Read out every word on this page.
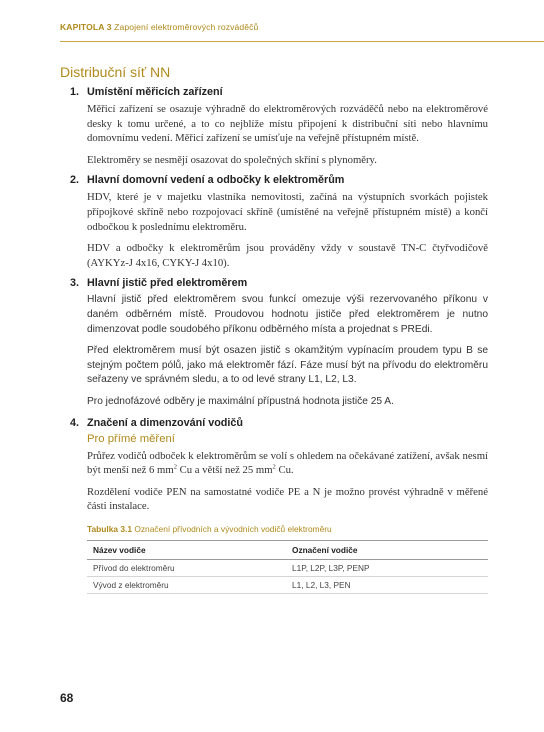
KAPITOLA 3 Zapojení elektroměrových rozváděčů
Distribuční síť NN
1. Umístění měřicích zařízení

Měřicí zařízení se osazuje výhradně do elektroměrových rozváděčů nebo na elektroměrové desky k tomu určené, a to co nejblíže místu připojení k distribuční síti nebo hlavnímu domovnímu vedení. Měřicí zařízení se umísťuje na veřejně přístupném místě.

Elektroměry se nesmějí osazovat do společných skříní s plynoměry.

2. Hlavní domovní vedení a odbočky k elektroměrům

HDV, které je v majetku vlastníka nemovitosti, začíná na výstupních svorkách pojistek přípojkové skříně nebo rozpojovací skříně (umístěné na veřejně přístupném místě) a končí odbočkou k poslednímu elektroměru.

HDV a odbočky k elektroměrům jsou prováděny vždy v soustavě TN-C čtyřvodičově (AYKYz-J 4x16, CYKY-J 4x10).

3. Hlavní jistič před elektroměrem

Hlavní jistič před elektroměrem svou funkcí omezuje výši rezervovaného příkonu v daném odběrném místě. Proudovou hodnotu jističe před elektroměrem je nutno dimenzovat podle soudobého příkonu odběrného místa a projednat s PREdi.

Před elektroměrem musí být osazen jistič s okamžitým vypínacím proudem typu B se stejným počtem pólů, jako má elektroměr fází. Fáze musí být na přívodu do elektroměru seřazeny ve správném sledu, a to od levé strany L1, L2, L3.

Pro jednofázové odběry je maximální přípustná hodnota jističe 25 A.

4. Značení a dimenzování vodičů
Pro přímé měření

Průřez vodičů odboček k elektroměrům se volí s ohledem na očekávané zatížení, avšak nesmí být menší než 6 $mm^2$ Cu a větší než 25 $mm^2$ Cu.

Rozdělení vodiče PEN na samostatné vodiče PE a N je možno provést výhradně v měřené části instalace.

Tabulka 3.1 Označení přívodních a vývodních vodičů elektroměru
Název vodiče	Označení vodiče
Přívod do elektroměru	L1P, L2P, L3P, PENP
Vývod z elektroměru	L1, L2, L3, PEN
68
